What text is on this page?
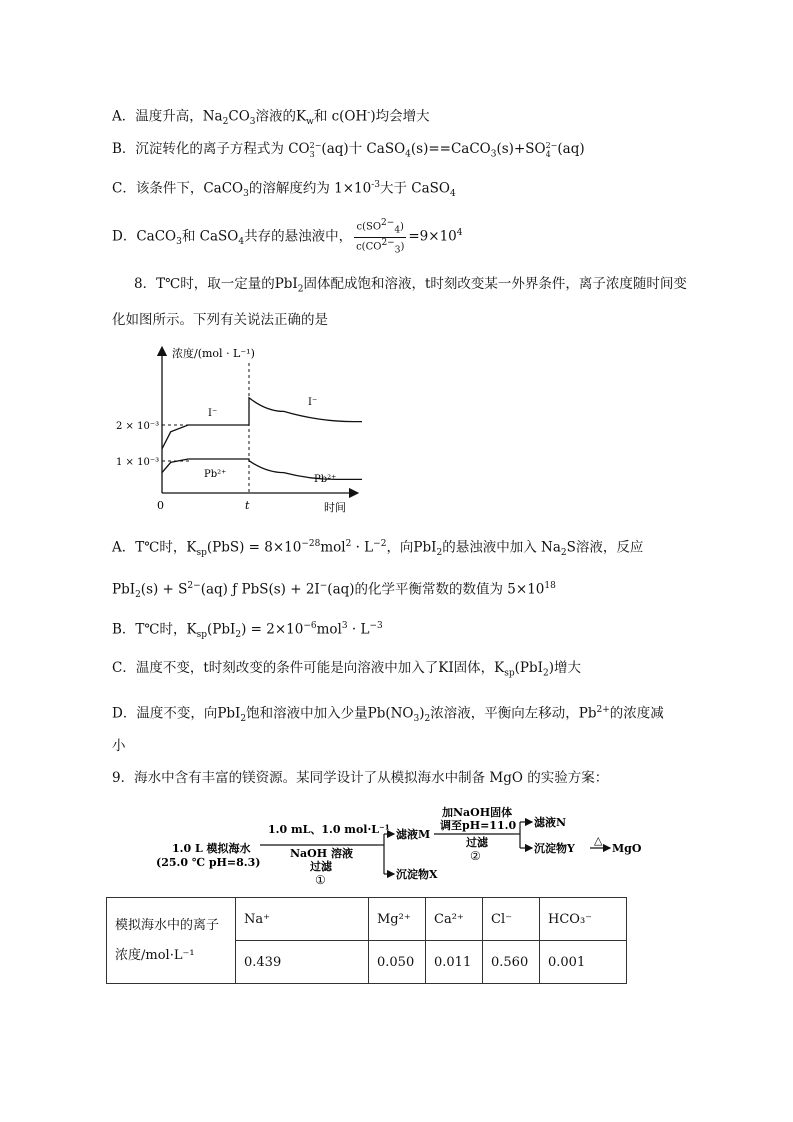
A．温度升高，$Na_2CO_3$溶液的$K_w$和 c(OH-)均会增大
B．沉淀转化的离子方程式为 CO2−
3 (aq)十 CaSO$_4$(s)==CaCO$_3$(s)+SO2−
4 (aq)
C．该条件下，CaCO$_3$的溶解度约为 $1\times 10^{-3}$大于 CaSO$_4$
D．CaCO$_3$和 CaSO$_4$共存的悬浊液中， $\frac{c(SO^{2-}_4)}{c(CO^{2-}_3)} =9\times 10^4$
8．T℃时，取一定量的PbI$_2$固体配成饱和溶液，t时刻改变某一外界条件，离子浓度随时间变
化如图所示。下列有关说法正确的是
浓度/(mol · L⁻¹)
时间
0	t
2 × 10⁻³
1 × 10⁻³
I⁻
I⁻
Pb²⁺	Pb²⁺
A．T℃时，$K_{sp}(PbS) = 8\times 10^{-28}mol^2 \cdot L^{-2}$，向PbI$_2$的悬浊液中加入 $Na_2S$溶液，反应
$PbI_2(s) + S^{2-}(aq)$ ƒ PbS(s) + 2I−(aq)的化学平衡常数的数值为 $5\times 10^{18}$
B．T℃时，$K_{sp}(PbI_2) = 2\times 10^{-6}mol^3 \cdot L^{-3}$
C．温度不变，t时刻改变的条件可能是向溶液中加入了KI固体，$K_{sp}(PbI_2)$增大
D．温度不变，向PbI$_2$饱和溶液中加入少量$Pb(NO_3)_2$浓溶液，平衡向左移动，$Pb^{2+}$的浓度减
小
9．海水中含有丰富的镁资源。某同学设计了从模拟海水中制备 MgO 的实验方案：
1.0 L 模拟海水
(25.0 ℃ pH=8.3)
1.0 mL、1.0 mol·L⁻¹
NaOH 溶液
过滤
①
滤液M
沉淀物X
加NaOH固体
调至pH=11.0
过滤
②
滤液N
沉淀物Y
△
MgO
模拟海水中的离子
浓度/mol·L⁻¹	Na⁺	Mg²⁺	Ca²⁺	Cl⁻	HCO₃⁻
	0.439	0.050	0.011	0.560	0.001
